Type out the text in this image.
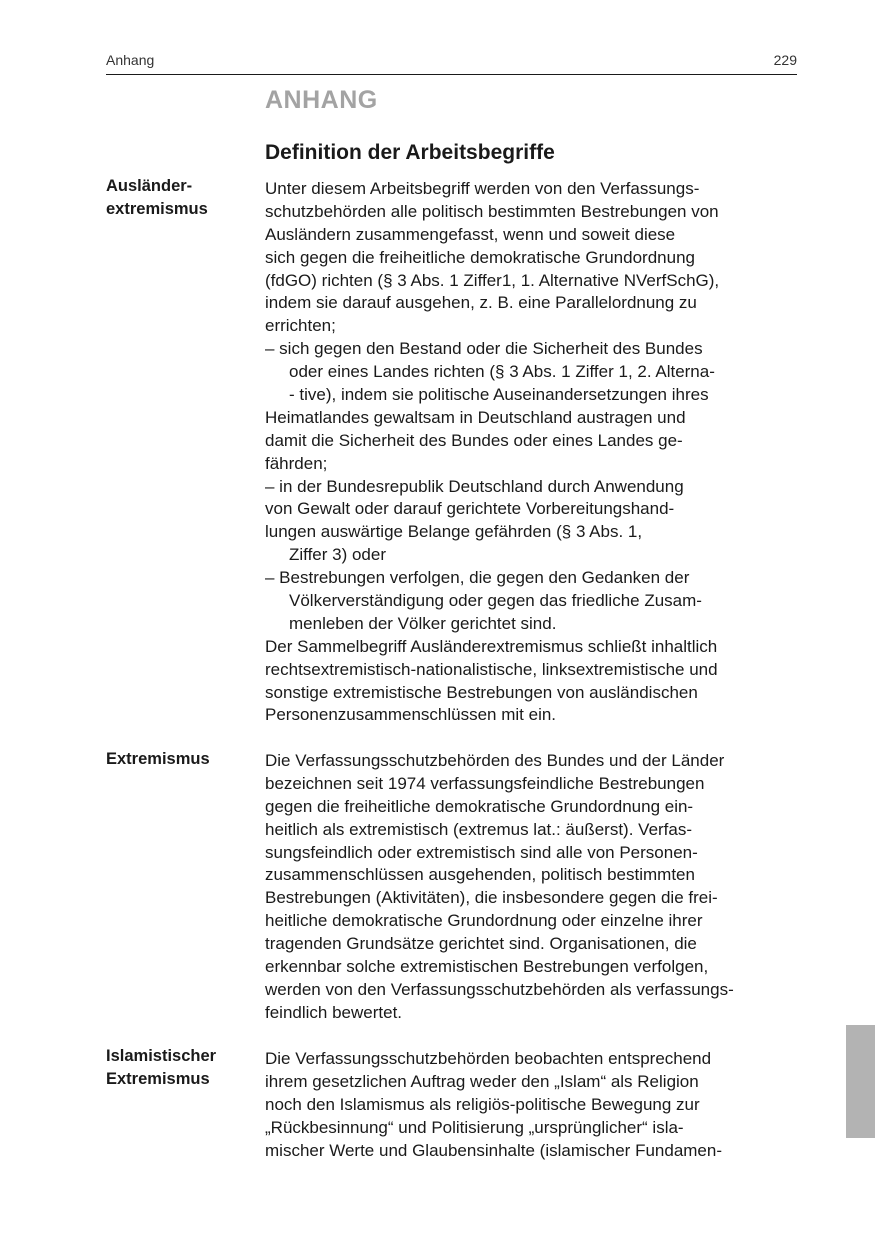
Anhang	229
ANHANG
Definition der Arbeitsbegriffe
Ausländer-
extremismus
Unter diesem Arbeitsbegriff werden von den Verfassungs-
schutzbehörden alle politisch bestimmten Bestrebungen von
Ausländern zusammengefasst, wenn und soweit diese
sich gegen die freiheitliche demokratische Grundordnung
(fdGO) richten (§ 3 Abs. 1 Ziffer1, 1. Alternative NVerfSchG),
indem sie darauf ausgehen, z. B. eine Parallelordnung zu
errichten;
– sich gegen den Bestand oder die Sicherheit des Bundes
oder eines Landes richten (§ 3 Abs. 1 Ziffer 1, 2. Alterna-
- tive), indem sie politische Auseinandersetzungen ihres
Heimatlandes gewaltsam in Deutschland austragen und
damit die Sicherheit des Bundes oder eines Landes ge-
fährden;
– in der Bundesrepublik Deutschland durch Anwendung
von Gewalt oder darauf gerichtete Vorbereitungshand-
lungen auswärtige Belange gefährden (§ 3 Abs. 1,
Ziffer 3) oder
– Bestrebungen verfolgen, die gegen den Gedanken der
Völkerverständigung oder gegen das friedliche Zusam-
menleben der Völker gerichtet sind.
Der Sammelbegriff Ausländerextremismus schließt inhaltlich
rechtsextremistisch-nationalistische, linksextremistische und
sonstige extremistische Bestrebungen von ausländischen
Personenzusammenschlüssen mit ein.
Extremismus	Die Verfassungsschutzbehörden des Bundes und der Länder
bezeichnen seit 1974 verfassungsfeindliche Bestrebungen
gegen die freiheitliche demokratische Grundordnung ein-
heitlich als extremistisch (extremus lat.: äußerst). Verfas-
sungsfeindlich oder extremistisch sind alle von Personen-
zusammenschlüssen ausgehenden, politisch bestimmten
Bestrebungen (Aktivitäten), die insbesondere gegen die frei-
heitliche demokratische Grundordnung oder einzelne ihrer
tragenden Grundsätze gerichtet sind. Organisationen, die
erkennbar solche extremistischen Bestrebungen verfolgen,
werden von den Verfassungsschutzbehörden als verfassungs-
feindlich bewertet.
Islamistischer
Extremismus
Die Verfassungsschutzbehörden beobachten entsprechend
ihrem gesetzlichen Auftrag weder den „Islam“ als Religion
noch den Islamismus als religiös-politische Bewegung zur
„Rückbesinnung“ und Politisierung „ursprünglicher“ isla-
mischer Werte und Glaubensinhalte (islamischer Fundamen-
